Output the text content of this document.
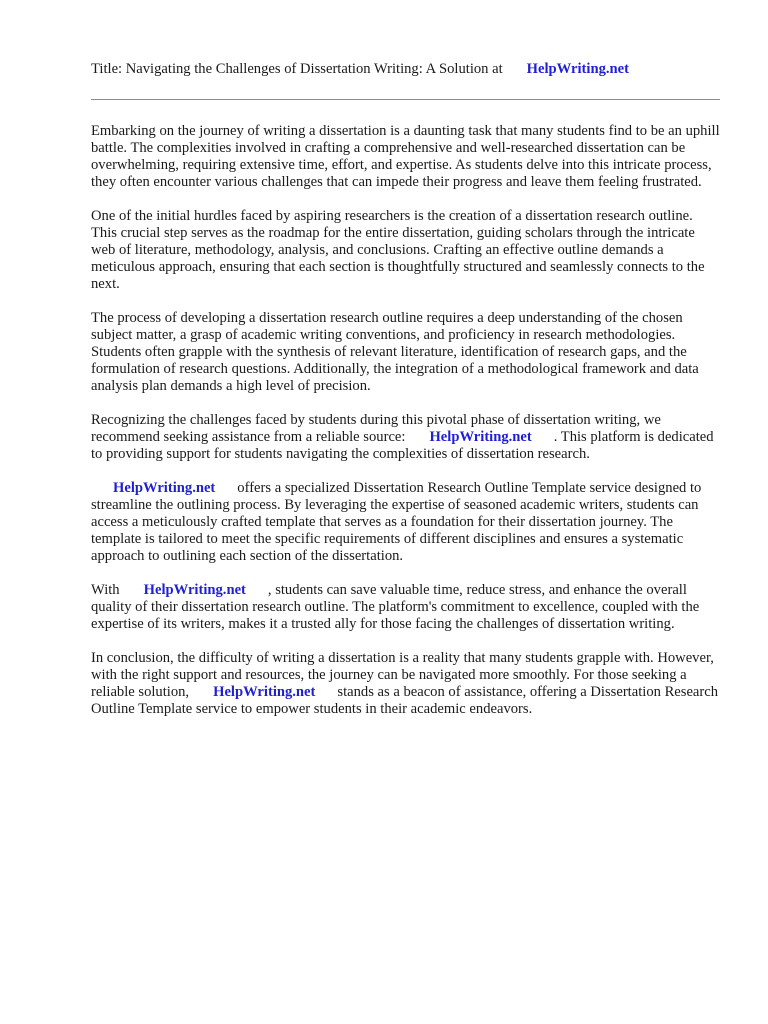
Title: Navigating the Challenges of Dissertation Writing: A Solution at HelpWriting.net

Embarking on the journey of writing a dissertation is a daunting task that many students find to be an uphill battle. The complexities involved in crafting a comprehensive and well-researched dissertation can be overwhelming, requiring extensive time, effort, and expertise. As students delve into this intricate process, they often encounter various challenges that can impede their progress and leave them feeling frustrated.

One of the initial hurdles faced by aspiring researchers is the creation of a dissertation research outline. This crucial step serves as the roadmap for the entire dissertation, guiding scholars through the intricate web of literature, methodology, analysis, and conclusions. Crafting an effective outline demands a meticulous approach, ensuring that each section is thoughtfully structured and seamlessly connects to the next.

The process of developing a dissertation research outline requires a deep understanding of the chosen subject matter, a grasp of academic writing conventions, and proficiency in research methodologies. Students often grapple with the synthesis of relevant literature, identification of research gaps, and the formulation of research questions. Additionally, the integration of a methodological framework and data analysis plan demands a high level of precision.

Recognizing the challenges faced by students during this pivotal phase of dissertation writing, we recommend seeking assistance from a reliable source: HelpWriting.net . This platform is dedicated to providing support for students navigating the complexities of dissertation research.

HelpWriting.net offers a specialized Dissertation Research Outline Template service designed to streamline the outlining process. By leveraging the expertise of seasoned academic writers, students can access a meticulously crafted template that serves as a foundation for their dissertation journey. The template is tailored to meet the specific requirements of different disciplines and ensures a systematic approach to outlining each section of the dissertation.

With HelpWriting.net , students can save valuable time, reduce stress, and enhance the overall quality of their dissertation research outline. The platform's commitment to excellence, coupled with the expertise of its writers, makes it a trusted ally for those facing the challenges of dissertation writing.

In conclusion, the difficulty of writing a dissertation is a reality that many students grapple with. However, with the right support and resources, the journey can be navigated more smoothly. For those seeking a reliable solution, HelpWriting.net stands as a beacon of assistance, offering a Dissertation Research Outline Template service to empower students in their academic endeavors.
